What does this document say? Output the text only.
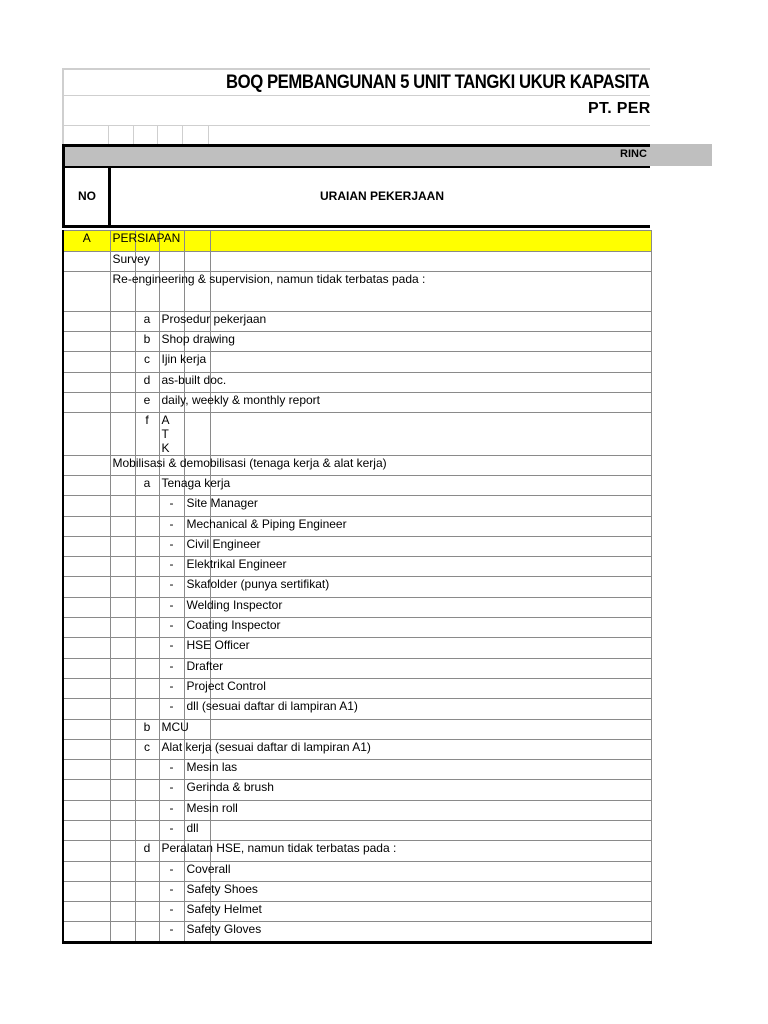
BOQ PEMBANGUNAN 5 UNIT TANGKI UKUR KAPASITA
PT. PER
RINC
NO	URAIAN PEKERJAAN
A	PERSIAPAN				
	Survey				
	Re-engineering & supervision, namun tidak terbatas pada :				
		a	Prosedur pekerjaan		
		b	Shop drawing		
		c	Ijin kerja		
		d	as-built doc.		
		e	daily, weekly & monthly report		
		f	AT K		

	Mobilisasi & demobilisasi (tenaga kerja & alat kerja)				
		a	Tenaga kerja		
			-	Site Manager	
			-	Mechanical & Piping Engineer	
			-	Civil Engineer	
			-	Elektrikal Engineer	
			-	Skafolder (punya sertifikat)	
			-	Welding Inspector	
			-	Coating Inspector	
			-	HSE Officer	
			-	Drafter	
			-	Project Control	
			-	dll (sesuai daftar di lampiran A1)	
		b	MCU		
		c	Alat kerja (sesuai daftar di lampiran A1)		
			-	Mesin las	
			-	Gerinda & brush	
			-	Mesin roll	
			-	dll	
		d	Peralatan HSE, namun tidak terbatas pada :		
			-	Coverall	
			-	Safety Shoes	
			-	Safety Helmet	
			-	Safety Gloves	
